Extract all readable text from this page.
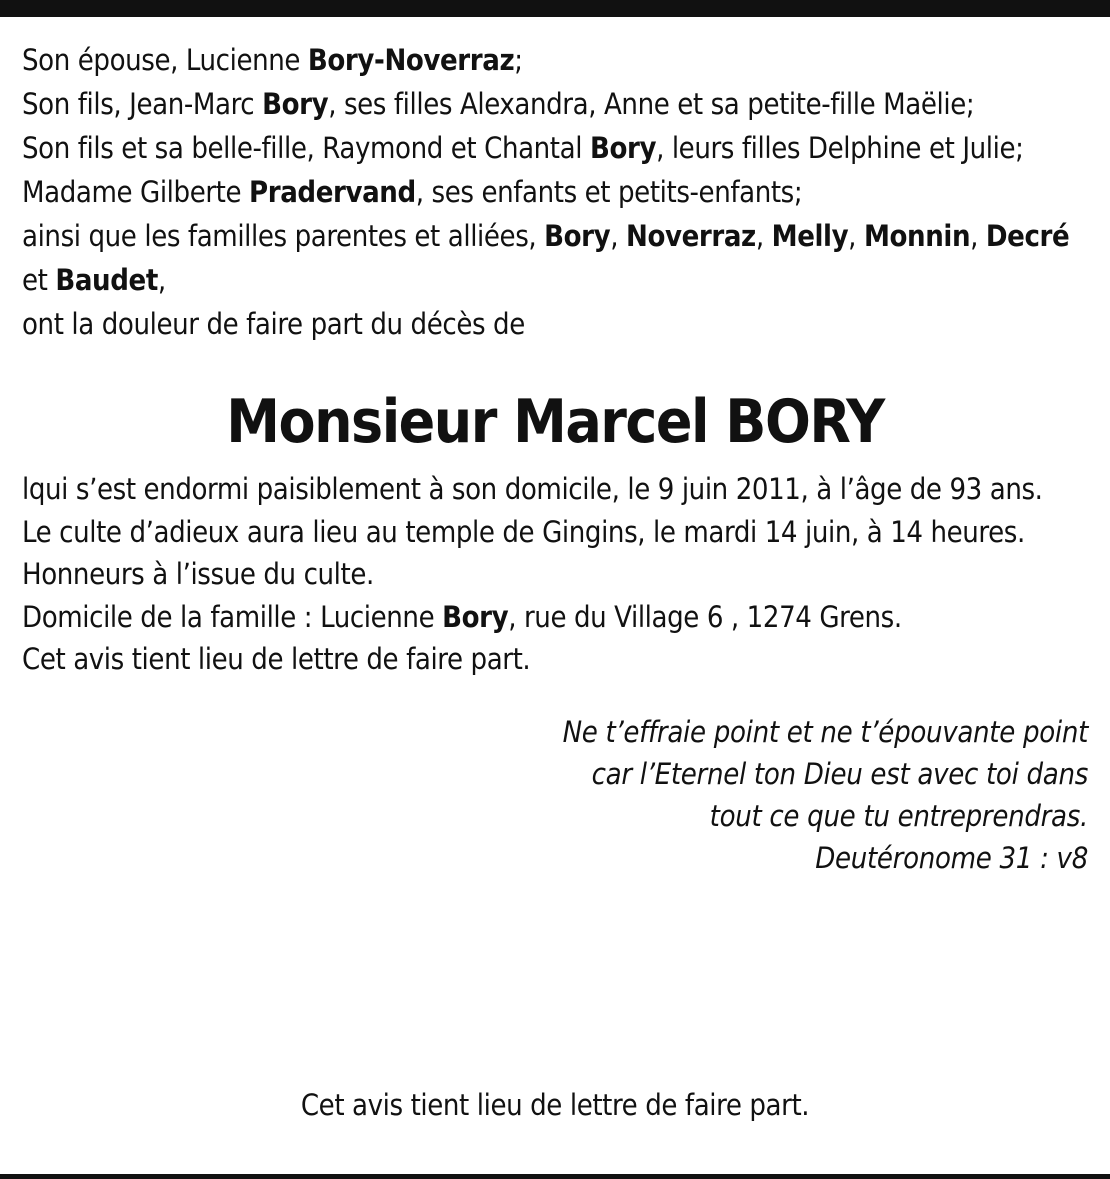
Son épouse, Lucienne Bory-Noverraz;

Son fils, Jean-Marc Bory, ses filles Alexandra, Anne et sa petite-fille Maëlie;

Son fils et sa belle-fille, Raymond et Chantal Bory, leurs filles Delphine et Julie;

Madame Gilberte Pradervand, ses enfants et petits-enfants;

ainsi que les familles parentes et alliées, Bory, Noverraz, Melly, Monnin, Decré et Baudet,

ont la douleur de faire part du décès de

Monsieur Marcel BORY

lqui s’est endormi paisiblement à son domicile, le 9 juin 2011, à l’âge de 93 ans.

Le culte d’adieux aura lieu au temple de Gingins, le mardi 14 juin, à 14 heures.

Honneurs à l’issue du culte.

Domicile de la famille : Lucienne Bory, rue du Village 6 , 1274 Grens.

Cet avis tient lieu de lettre de faire part.

Ne t’effraie point et ne t’épouvante point

car l’Eternel ton Dieu est avec toi dans

tout ce que tu entreprendras.

Deutéronome 31 : v8

Cet avis tient lieu de lettre de faire part.
